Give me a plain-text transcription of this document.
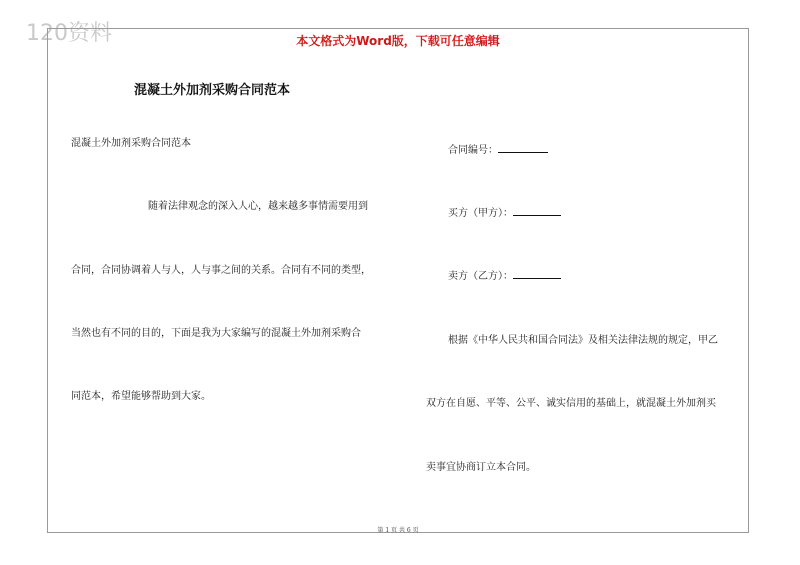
120资料	本文格式为Word版，下载可任意编辑
混凝土外加剂采购合同范本
混凝土外加剂采购合同范本
随着法律观念的深入人心，越来越多事情需要用到
合同，合同协调着人与人，人与事之间的关系。合同有不同的类型，
当然也有不同的目的，下面是我为大家编写的混凝土外加剂采购合
同范本，希望能够帮助到大家。
合同编号：
买方（甲方）：
卖方（乙方）：
根据《中华人民共和国合同法》及相关法律法规的规定，甲乙
双方在自愿、平等、公平、诚实信用的基础上，就混凝土外加剂买
卖事宜协商订立本合同。
第 1 页 共 6 页
